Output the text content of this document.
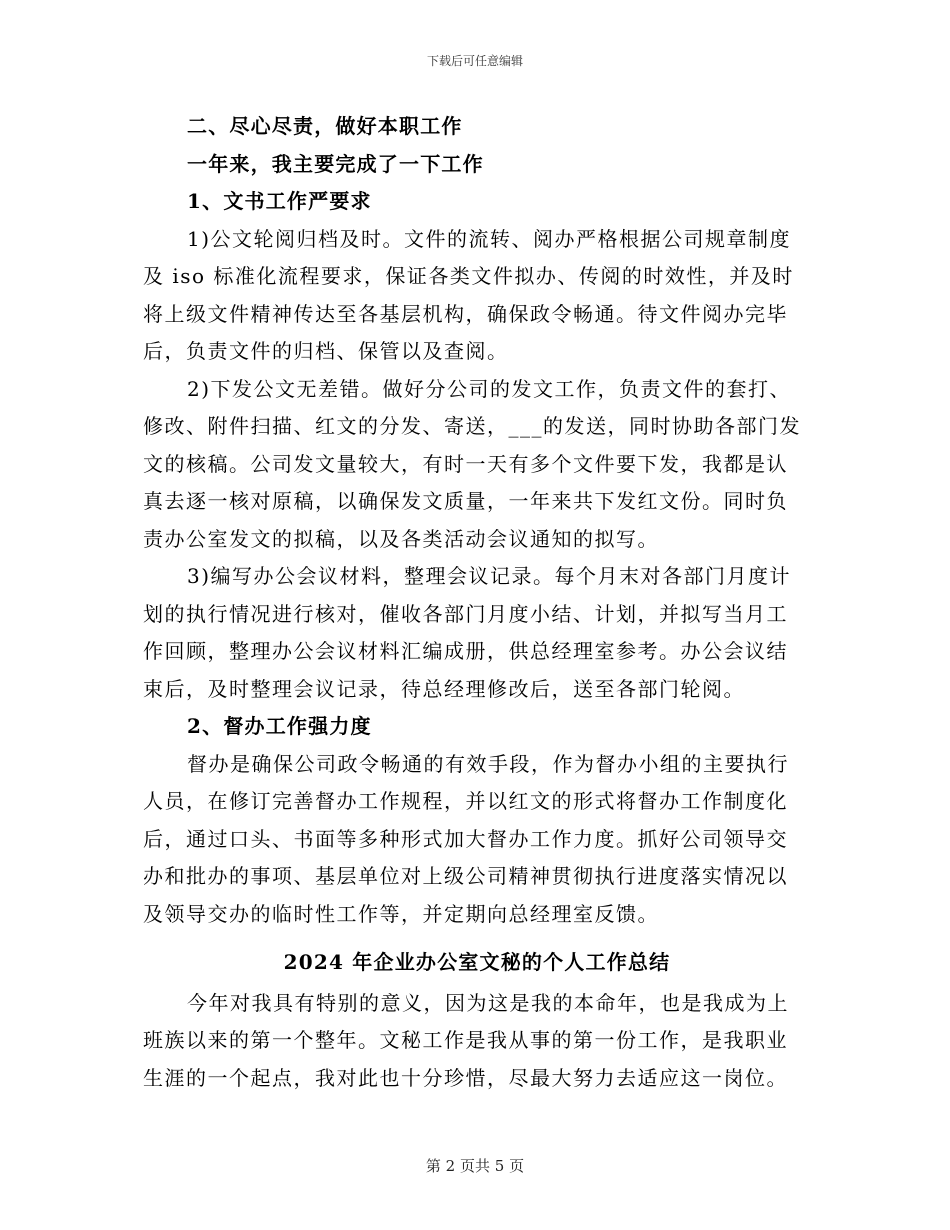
下载后可任意编辑
二、尽心尽责，做好本职工作
一年来，我主要完成了一下工作
1、文书工作严要求
1)公文轮阅归档及时。文件的流转、阅办严格根据公司规章制度
及 iso 标准化流程要求，保证各类文件拟办、传阅的时效性，并及时
将上级文件精神传达至各基层机构，确保政令畅通。待文件阅办完毕
后，负责文件的归档、保管以及查阅。
2)下发公文无差错。做好分公司的发文工作，负责文件的套打、
修改、附件扫描、红文的分发、寄送，___的发送，同时协助各部门发
文的核稿。公司发文量较大，有时一天有多个文件要下发，我都是认
真去逐一核对原稿，以确保发文质量，一年来共下发红文份。同时负
责办公室发文的拟稿，以及各类活动会议通知的拟写。
3)编写办公会议材料，整理会议记录。每个月末对各部门月度计
划的执行情况进行核对，催收各部门月度小结、计划，并拟写当月工
作回顾，整理办公会议材料汇编成册，供总经理室参考。办公会议结
束后，及时整理会议记录，待总经理修改后，送至各部门轮阅。
2、督办工作强力度
督办是确保公司政令畅通的有效手段，作为督办小组的主要执行
人员，在修订完善督办工作规程，并以红文的形式将督办工作制度化
后，通过口头、书面等多种形式加大督办工作力度。抓好公司领导交
办和批办的事项、基层单位对上级公司精神贯彻执行进度落实情况以
及领导交办的临时性工作等，并定期向总经理室反馈。
2024 年企业办公室文秘的个人工作总结
今年对我具有特别的意义，因为这是我的本命年，也是我成为上
班族以来的第一个整年。文秘工作是我从事的第一份工作，是我职业
生涯的一个起点，我对此也十分珍惜，尽最大努力去适应这一岗位。
第 2 页共 5 页
